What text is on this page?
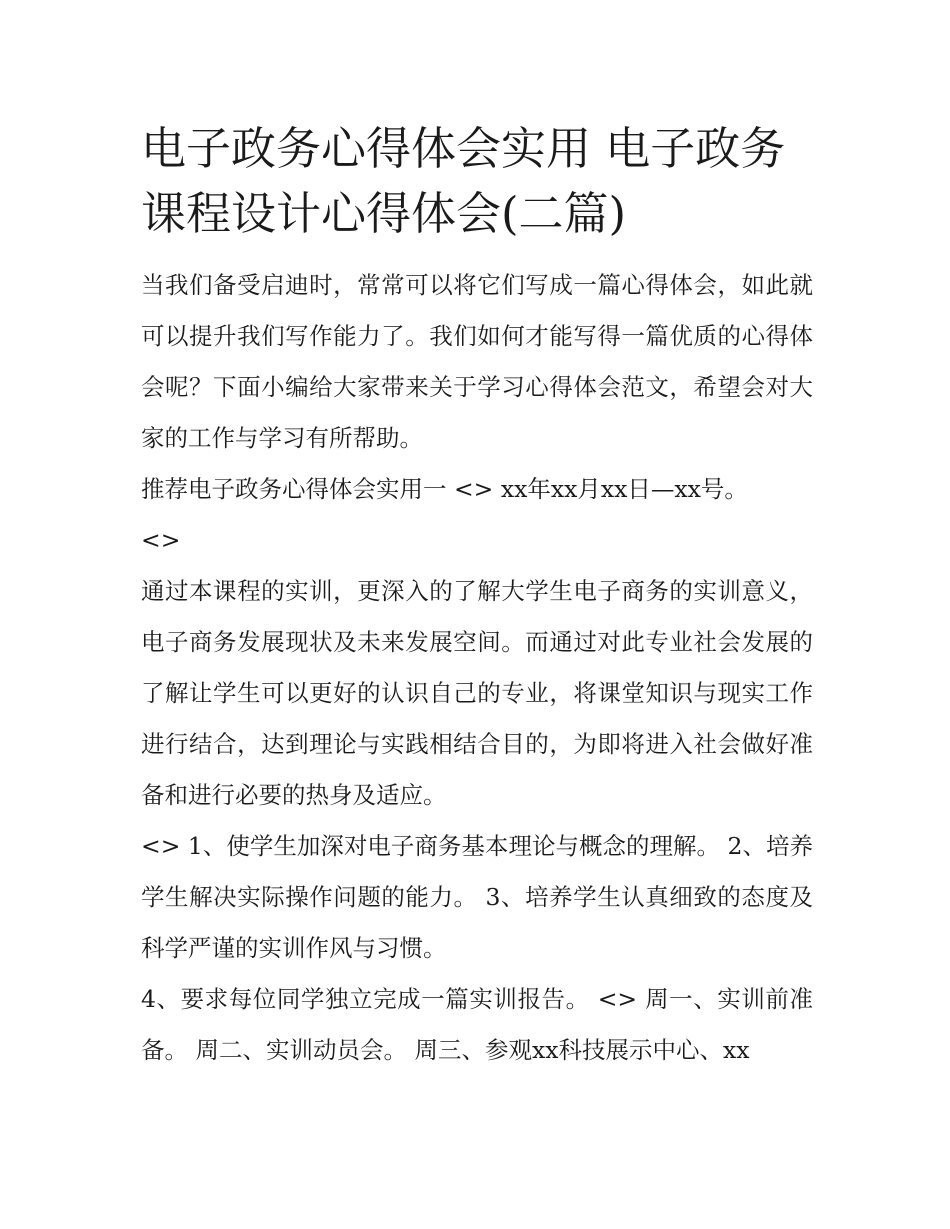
电子政务心得体会实用 电子政务课程设计心得体会(二篇)

当我们备受启迪时，常常可以将它们写成一篇心得体会，如此就可以提升我们写作能力了。我们如何才能写得一篇优质的心得体会呢？下面小编给大家带来关于学习心得体会范文，希望会对大家的工作与学习有所帮助。

推荐电子政务心得体会实用一 <> xx年xx月xx日—xx号。

<>

通过本课程的实训，更深入的了解大学生电子商务的实训意义，电子商务发展现状及未来发展空间。而通过对此专业社会发展的了解让学生可以更好的认识自己的专业，将课堂知识与现实工作进行结合，达到理论与实践相结合目的，为即将进入社会做好准备和进行必要的热身及适应。

<> 1、使学生加深对电子商务基本理论与概念的理解。 2、培养学生解决实际操作问题的能力。 3、培养学生认真细致的态度及科学严谨的实训作风与习惯。

4、要求每位同学独立完成一篇实训报告。 <> 周一、实训前准备。 周二、实训动员会。 周三、参观xx科技展示中心、xx
